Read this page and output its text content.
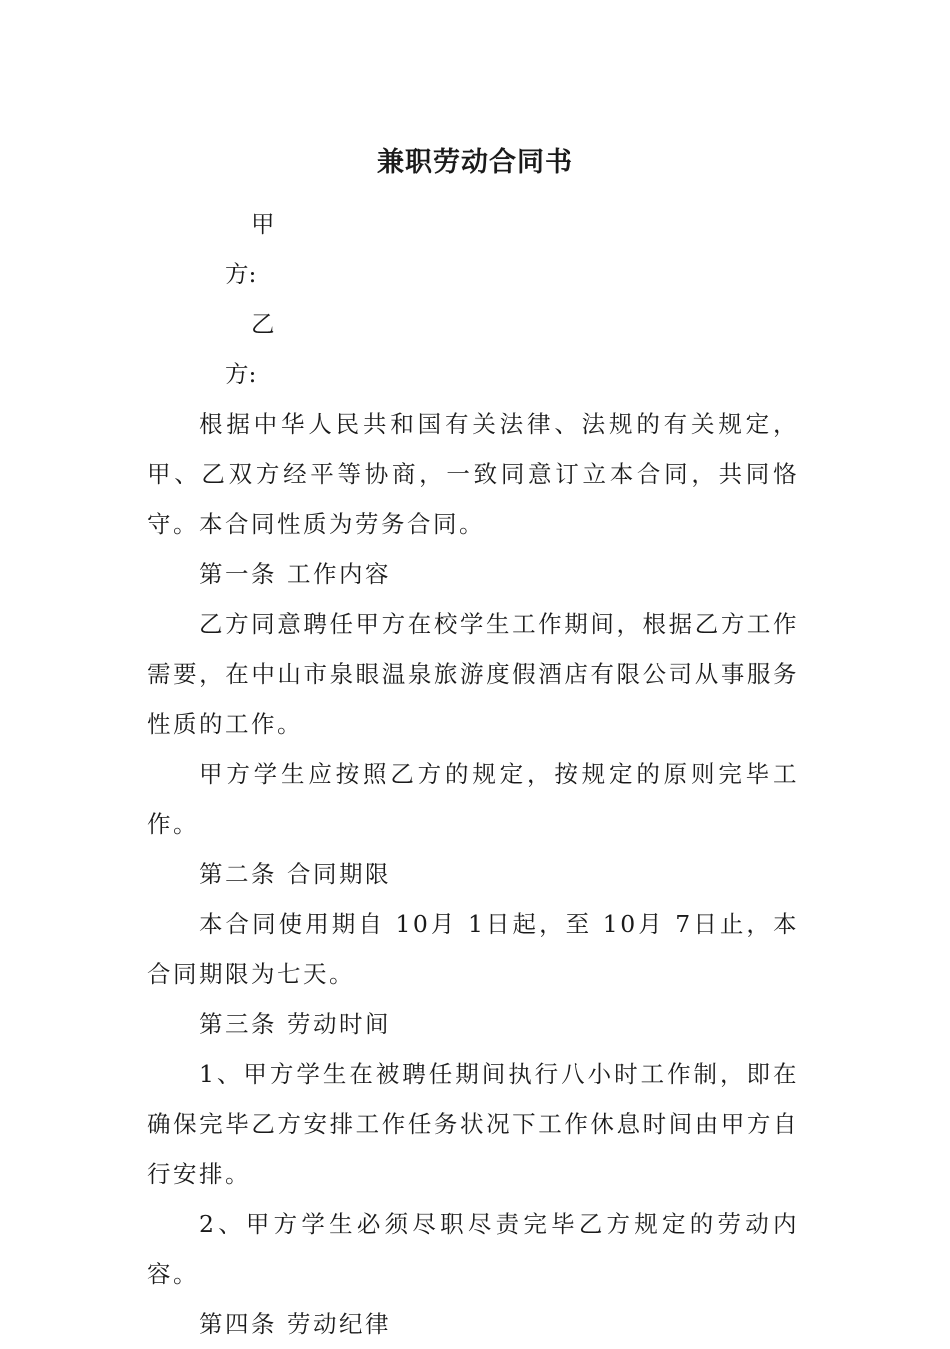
兼职劳动合同书

甲方:

乙方:

根据中华人民共和国有关法律、法规的有关规定，甲、乙双方经平等协商，一致同意订立本合同，共同恪守。本合同性质为劳务合同。

第一条 工作内容

乙方同意聘任甲方在校学生工作期间，根据乙方工作需要，在中山市泉眼温泉旅游度假酒店有限公司从事服务性质的工作。

甲方学生应按照乙方的规定，按规定的原则完毕工作。

第二条 合同期限

本合同使用期自 10月 1日起，至 10月 7日止，本合同期限为七天。

第三条 劳动时间

1、甲方学生在被聘任期间执行八小时工作制，即在确保完毕乙方安排工作任务状况下工作休息时间由甲方自行安排。

2、甲方学生必须尽职尽责完毕乙方规定的劳动内容。

第四条 劳动纪律
